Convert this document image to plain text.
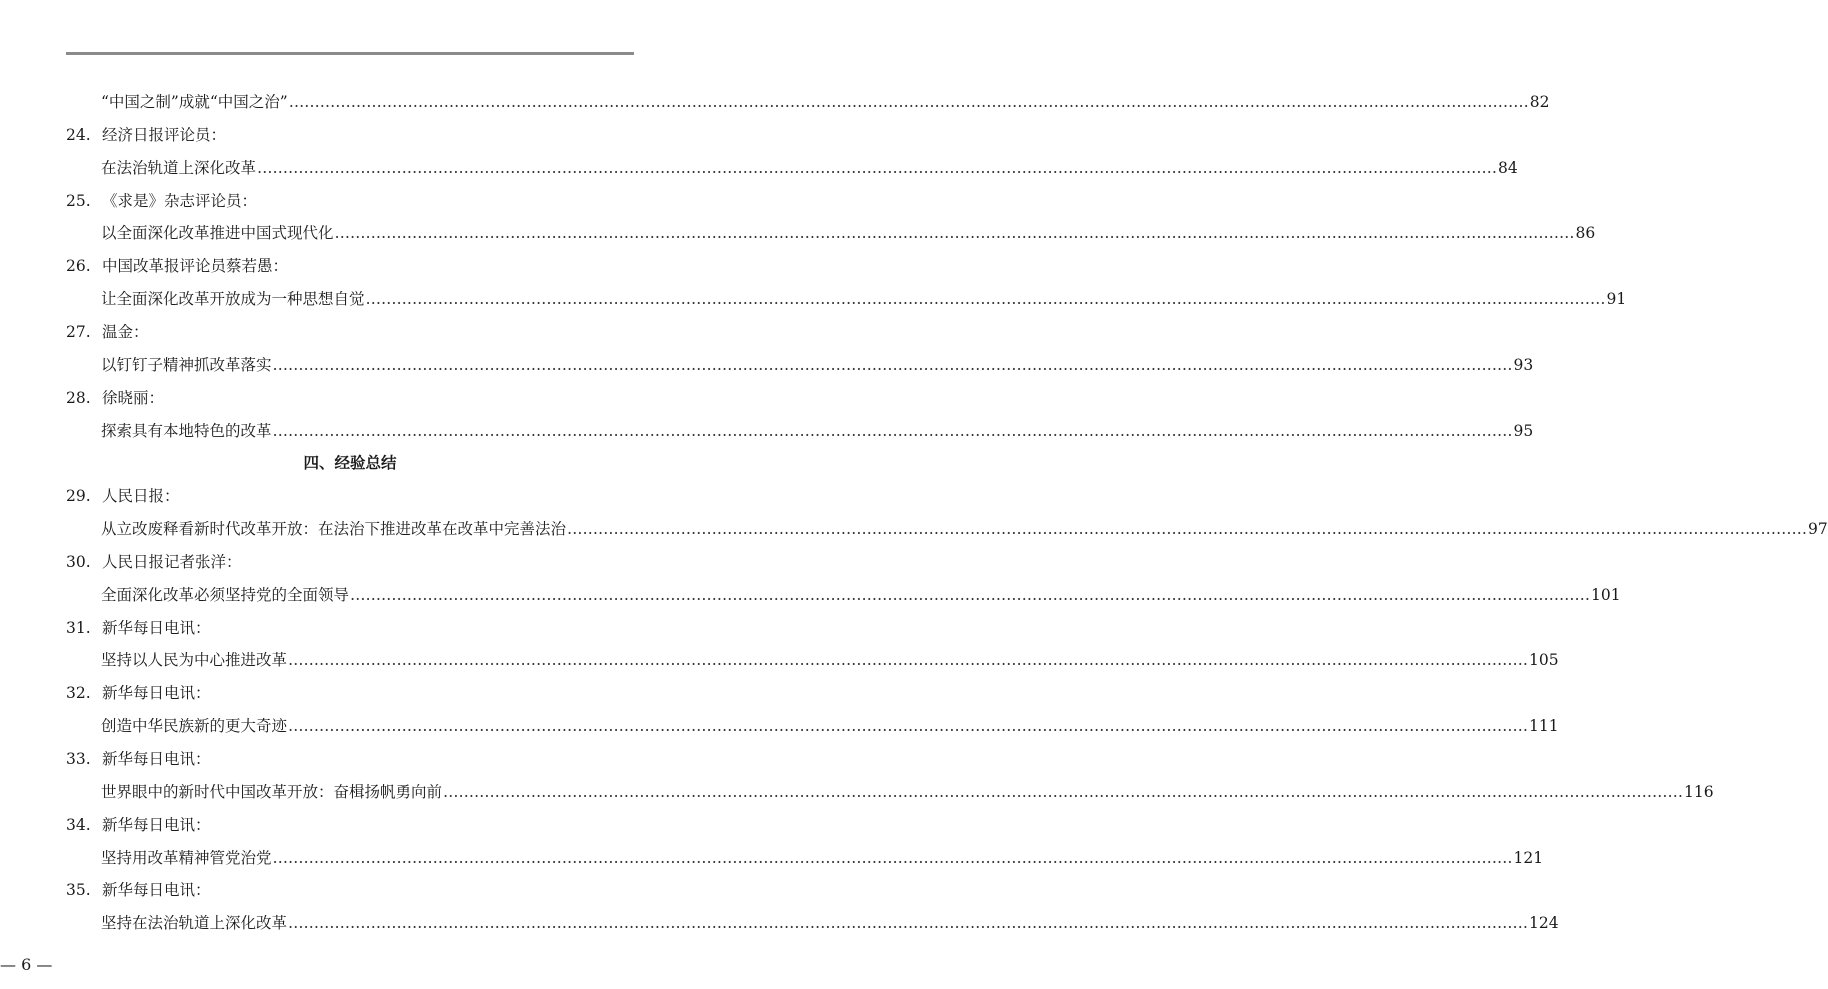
“中国之制”成就“中国之治” …………………………………………………………………………………………………………………………………………………………………………………………………………………… 82
24. 经济日报评论员：
在法治轨道上深化改革 …………………………………………………………………………………………………………………………………………………………………………………………………………………… 84
25. 《求是》杂志评论员：
以全面深化改革推进中国式现代化 …………………………………………………………………………………………………………………………………………………………………………………………………………………… 86
26. 中国改革报评论员蔡若愚：
让全面深化改革开放成为一种思想自觉 …………………………………………………………………………………………………………………………………………………………………………………………………………………… 91
27. 温金：
以钉钉子精神抓改革落实 …………………………………………………………………………………………………………………………………………………………………………………………………………………… 93
28. 徐晓丽：
探索具有本地特色的改革 …………………………………………………………………………………………………………………………………………………………………………………………………………………… 95
四、经验总结
29. 人民日报：
从立改废释看新时代改革开放：在法治下推进改革在改革中完善法治 …………………………………………………………………………………………………………………………………………………………………………………………………………………… 97
30. 人民日报记者张洋：
全面深化改革必须坚持党的全面领导 …………………………………………………………………………………………………………………………………………………………………………………………………………………… 101
31. 新华每日电讯：
坚持以人民为中心推进改革 …………………………………………………………………………………………………………………………………………………………………………………………………………………… 105
32. 新华每日电讯：
创造中华民族新的更大奇迹 …………………………………………………………………………………………………………………………………………………………………………………………………………………… 111
33. 新华每日电讯：
世界眼中的新时代中国改革开放：奋楫扬帆勇向前 …………………………………………………………………………………………………………………………………………………………………………………………………………………… 116
34. 新华每日电讯：
坚持用改革精神管党治党 …………………………………………………………………………………………………………………………………………………………………………………………………………………… 121
35. 新华每日电讯：
坚持在法治轨道上深化改革 …………………………………………………………………………………………………………………………………………………………………………………………………………………… 124
— 6 —
